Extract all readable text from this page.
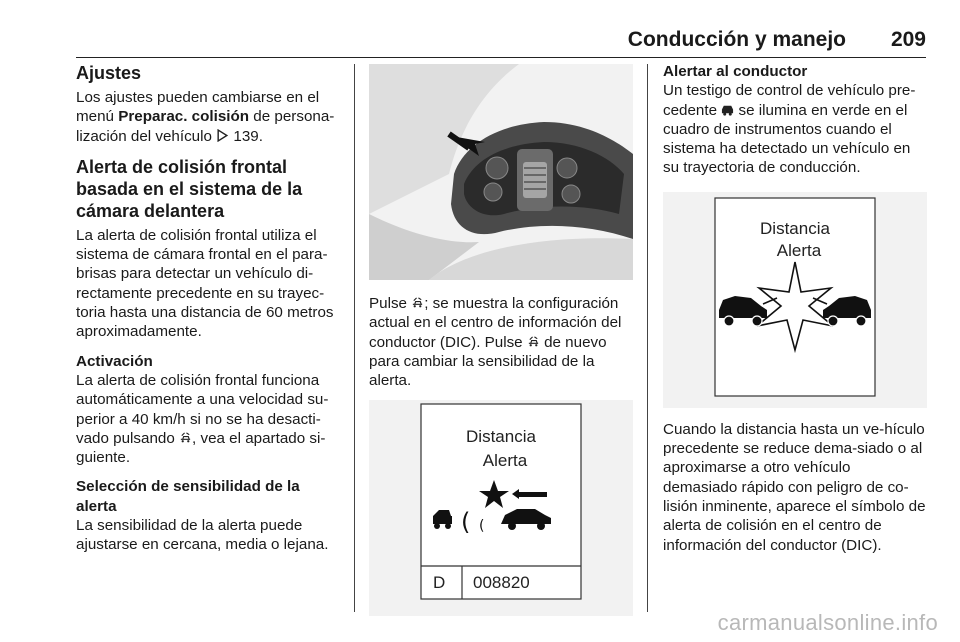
Conducción y manejo 209
Ajustes

Los ajustes pueden cambiarse en el menú Preparac. colisión de persona-lización del vehículo  139.

Alerta de colisión frontal basada en el sistema de la cámara delantera

La alerta de colisión frontal utiliza el sistema de cámara frontal en el para-brisas para detectar un vehículo di-rectamente precedente en su trayec-toria hasta una distancia de 60 metros aproximadamente.

Activación

La alerta de colisión frontal funciona automáticamente a una velocidad su-perior a 40 km/h si no se ha desacti-vado pulsando , vea el apartado si-guiente.

Selección de sensibilidad de la alerta

La sensibilidad de la alerta puede ajustarse en cercana, media o lejana.

Pulse ; se muestra la configuración actual en el centro de información del conductor (DIC). Pulse  de nuevo para cambiar la sensibilidad de la alerta.

Distancia
Alerta
( (
D 008820
Alertar al conductor

Un testigo de control de vehículo pre-cedente  se ilumina en verde en el cuadro de instrumentos cuando el sistema ha detectado un vehículo en su trayectoria de conducción.

Distancia
Alerta

Cuando la distancia hasta un ve-hículo precedente se reduce dema-siado o al aproximarse a otro vehículo demasiado rápido con peligro de co-lisión inminente, aparece el símbolo de alerta de colisión en el centro de información del conductor (DIC).

carmanualsonline.info
